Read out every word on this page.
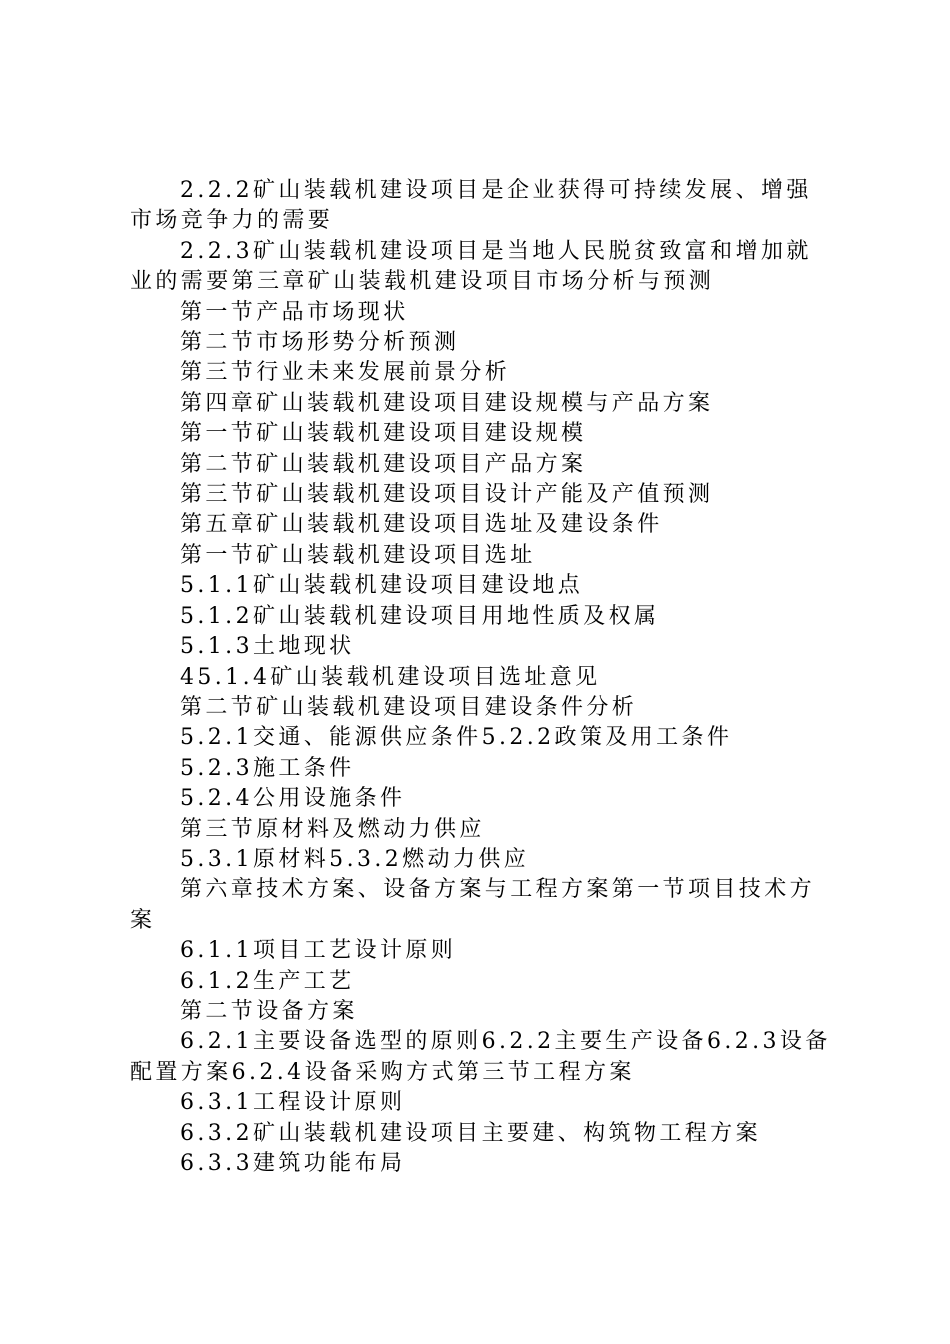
2.2.2矿山装载机建设项目是企业获得可持续发展、增强市场竞争力的需要

2.2.3矿山装载机建设项目是当地人民脱贫致富和增加就业的需要第三章矿山装载机建设项目市场分析与预测

第一节产品市场现状

第二节市场形势分析预测

第三节行业未来发展前景分析

第四章矿山装载机建设项目建设规模与产品方案

第一节矿山装载机建设项目建设规模

第二节矿山装载机建设项目产品方案

第三节矿山装载机建设项目设计产能及产值预测

第五章矿山装载机建设项目选址及建设条件

第一节矿山装载机建设项目选址

5.1.1矿山装载机建设项目建设地点

5.1.2矿山装载机建设项目用地性质及权属

5.1.3土地现状

45.1.4矿山装载机建设项目选址意见

第二节矿山装载机建设项目建设条件分析

5.2.1交通、能源供应条件5.2.2政策及用工条件

5.2.3施工条件

5.2.4公用设施条件

第三节原材料及燃动力供应

5.3.1原材料5.3.2燃动力供应

第六章技术方案、设备方案与工程方案第一节项目技术方案

6.1.1项目工艺设计原则

6.1.2生产工艺

第二节设备方案

6.2.1主要设备选型的原则6.2.2主要生产设备6.2.3设备配置方案6.2.4设备采购方式第三节工程方案

6.3.1工程设计原则

6.3.2矿山装载机建设项目主要建、构筑物工程方案

6.3.3建筑功能布局
